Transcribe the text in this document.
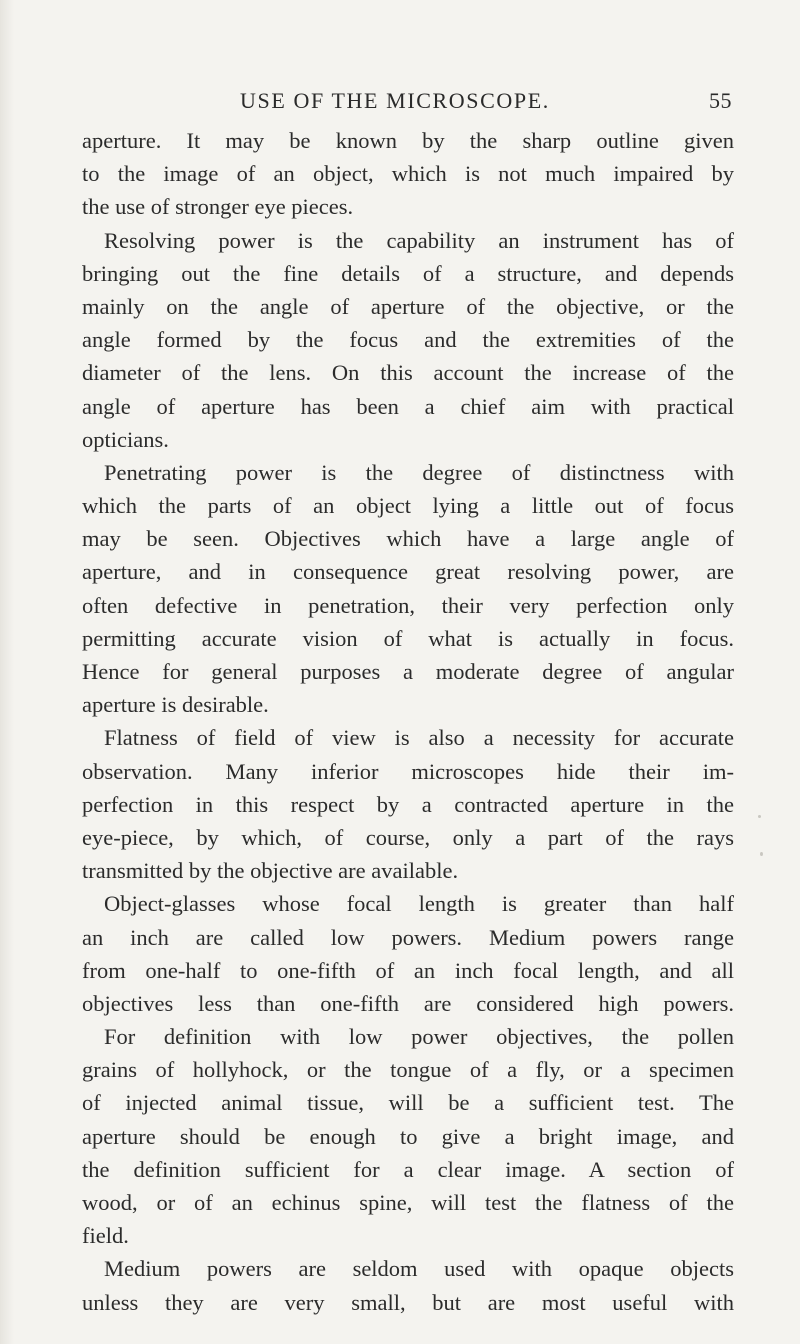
USE OF THE MICROSCOPE.	55
aperture. It may be known by the sharp outline given
to the image of an object, which is not much impaired by
the use of stronger eye pieces.
Resolving power is the capability an instrument has of
bringing out the fine details of a structure, and depends
mainly on the angle of aperture of the objective, or the
angle formed by the focus and the extremities of the
diameter of the lens. On this account the increase of the
angle of aperture has been a chief aim with practical
opticians.
Penetrating power is the degree of distinctness with
which the parts of an object lying a little out of focus
may be seen. Objectives which have a large angle of
aperture, and in consequence great resolving power, are
often defective in penetration, their very perfection only
permitting accurate vision of what is actually in focus.
Hence for general purposes a moderate degree of angular
aperture is desirable.
Flatness of field of view is also a necessity for accurate
observation. Many inferior microscopes hide their im-
perfection in this respect by a contracted aperture in the
eye-piece, by which, of course, only a part of the rays
transmitted by the objective are available.
Object-glasses whose focal length is greater than half
an inch are called low powers. Medium powers range
from one-half to one-fifth of an inch focal length, and all
objectives less than one-fifth are considered high powers.
For definition with low power objectives, the pollen
grains of hollyhock, or the tongue of a fly, or a specimen
of injected animal tissue, will be a sufficient test. The
aperture should be enough to give a bright image, and
the definition sufficient for a clear image. A section of
wood, or of an echinus spine, will test the flatness of the
field.
Medium powers are seldom used with opaque objects
unless they are very small, but are most useful with
